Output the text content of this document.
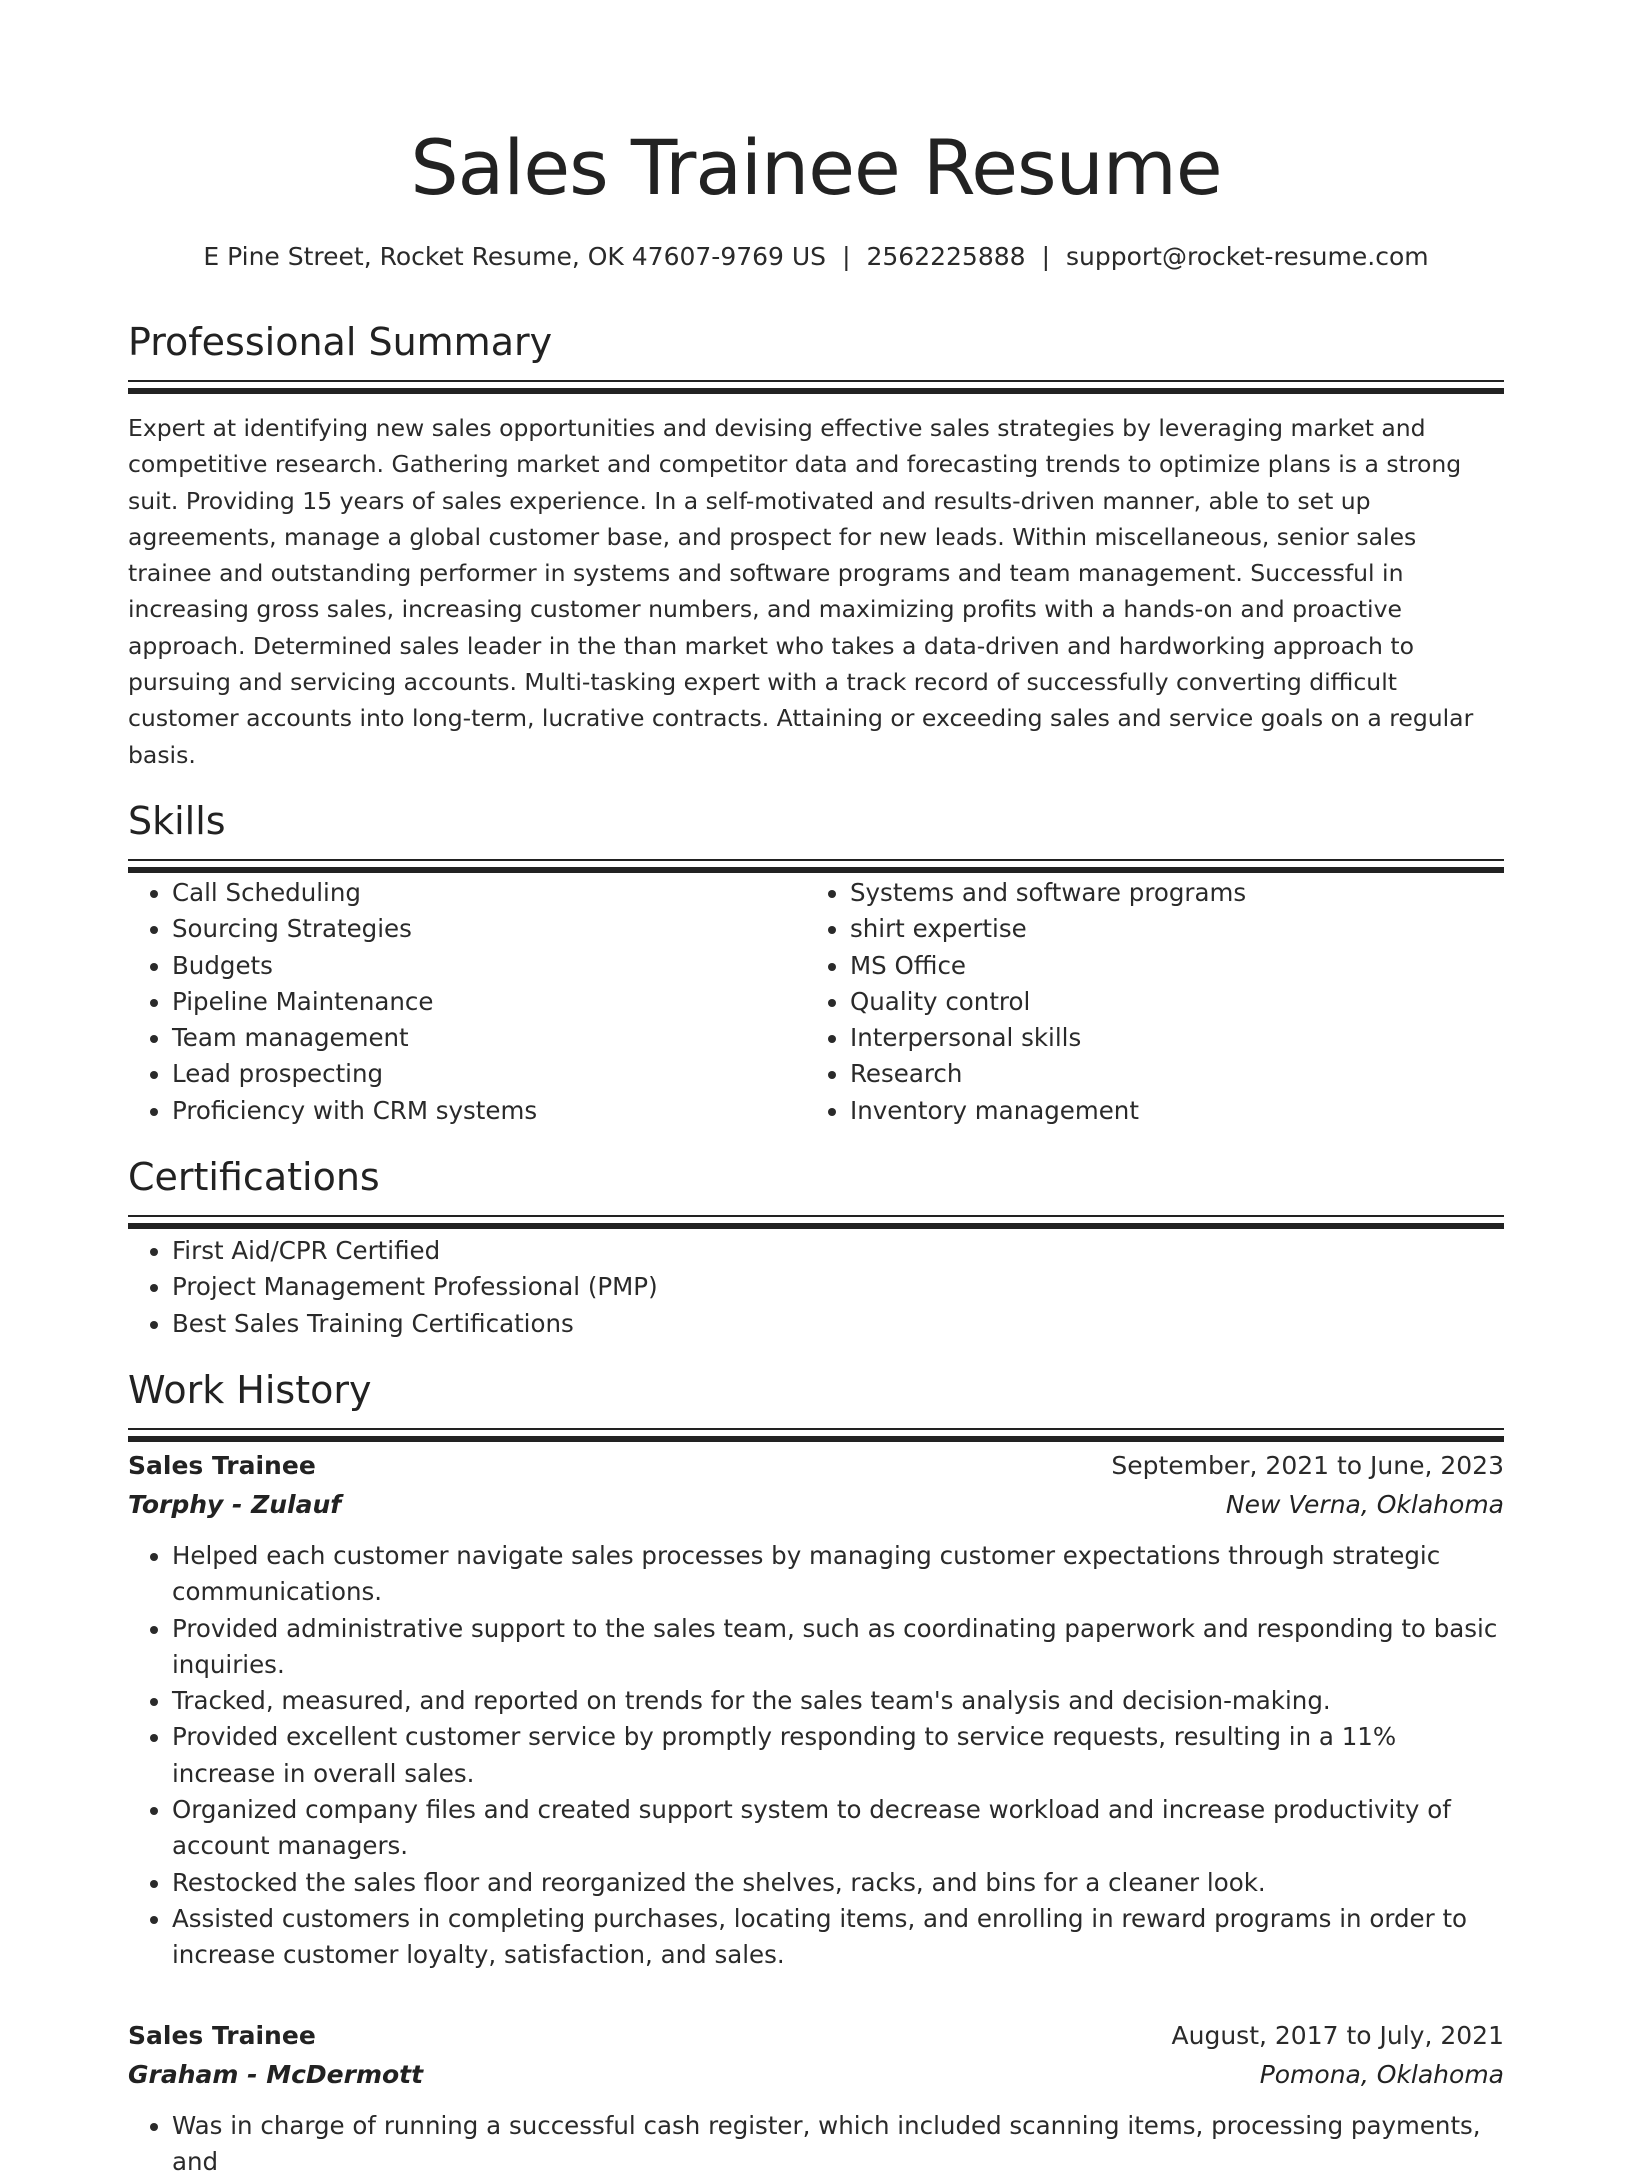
Sales Trainee Resume
E Pine Street, Rocket Resume, OK 47607-9769 US | 2562225888 | support@rocket-resume.com
Professional Summary
Expert at identifying new sales opportunities and devising effective sales strategies by leveraging market and competitive research. Gathering market and competitor data and forecasting trends to optimize plans is a strong suit. Providing 15 years of sales experience. In a self-motivated and results-driven manner, able to set up agreements, manage a global customer base, and prospect for new leads. Within miscellaneous, senior sales trainee and outstanding performer in systems and software programs and team management. Successful in increasing gross sales, increasing customer numbers, and maximizing profits with a hands-on and proactive approach. Determined sales leader in the than market who takes a data-driven and hardworking approach to pursuing and servicing accounts. Multi-tasking expert with a track record of successfully converting difficult customer accounts into long-term, lucrative contracts. Attaining or exceeding sales and service goals on a regular basis.
Skills
• Call Scheduling
• Sourcing Strategies
• Budgets
• Pipeline Maintenance
• Team management
• Lead prospecting
• Proficiency with CRM systems
• Systems and software programs
• shirt expertise
• MS Office
• Quality control
• Interpersonal skills
• Research
• Inventory management
Certifications
• First Aid/CPR Certified
• Project Management Professional (PMP)
• Best Sales Training Certifications
Work History
Sales Trainee	September, 2021 to June, 2023
Torphy - Zulauf	New Verna, Oklahoma
• Helped each customer navigate sales processes by managing customer expectations through strategic communications.
• Provided administrative support to the sales team, such as coordinating paperwork and responding to basic inquiries.
• Tracked, measured, and reported on trends for the sales team's analysis and decision-making.
• Provided excellent customer service by promptly responding to service requests, resulting in a 11% increase in overall sales.
• Organized company files and created support system to decrease workload and increase productivity of account managers.
• Restocked the sales floor and reorganized the shelves, racks, and bins for a cleaner look.
• Assisted customers in completing purchases, locating items, and enrolling in reward programs in order to increase customer loyalty, satisfaction, and sales.
Sales Trainee	August, 2017 to July, 2021
Graham - McDermott	Pomona, Oklahoma
• Was in charge of running a successful cash register, which included scanning items, processing payments, and
